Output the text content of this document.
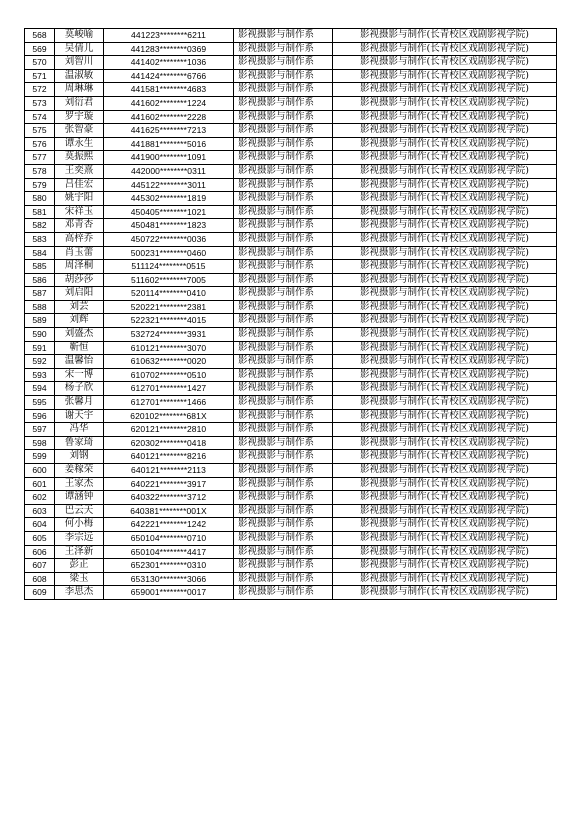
568	莫峻喻	441223********6211	影视摄影与制作系	影视摄影与制作(长青校区戏剧影视学院)
569	吴倩儿	441283********0369	影视摄影与制作系	影视摄影与制作(长青校区戏剧影视学院)
570	刘智川	441402********1036	影视摄影与制作系	影视摄影与制作(长青校区戏剧影视学院)
571	温淑敏	441424********6766	影视摄影与制作系	影视摄影与制作(长青校区戏剧影视学院)
572	周琳琳	441581********4683	影视摄影与制作系	影视摄影与制作(长青校区戏剧影视学院)
573	刘衍君	441602********1224	影视摄影与制作系	影视摄影与制作(长青校区戏剧影视学院)
574	罗宇璇	441602********2228	影视摄影与制作系	影视摄影与制作(长青校区戏剧影视学院)
575	张智豪	441625********7213	影视摄影与制作系	影视摄影与制作(长青校区戏剧影视学院)
576	谭永生	441881********5016	影视摄影与制作系	影视摄影与制作(长青校区戏剧影视学院)
577	莫振熙	441900********1091	影视摄影与制作系	影视摄影与制作(长青校区戏剧影视学院)
578	王奕熹	442000********0311	影视摄影与制作系	影视摄影与制作(长青校区戏剧影视学院)
579	吕佳宏	445122********3011	影视摄影与制作系	影视摄影与制作(长青校区戏剧影视学院)
580	姚宇阳	445302********1819	影视摄影与制作系	影视摄影与制作(长青校区戏剧影视学院)
581	宋祥玉	450405********1021	影视摄影与制作系	影视摄影与制作(长青校区戏剧影视学院)
582	邓青杏	450481********1823	影视摄影与制作系	影视摄影与制作(长青校区戏剧影视学院)
583	高梓乔	450722********0036	影视摄影与制作系	影视摄影与制作(长青校区戏剧影视学院)
584	肖玉蕾	500231********0460	影视摄影与制作系	影视摄影与制作(长青校区戏剧影视学院)
585	周泽桐	511124********0515	影视摄影与制作系	影视摄影与制作(长青校区戏剧影视学院)
586	胡莎莎	511602********7005	影视摄影与制作系	影视摄影与制作(长青校区戏剧影视学院)
587	刘启阳	520114********0410	影视摄影与制作系	影视摄影与制作(长青校区戏剧影视学院)
588	刘芸	520221********2381	影视摄影与制作系	影视摄影与制作(长青校区戏剧影视学院)
589	刘辉	522321********4015	影视摄影与制作系	影视摄影与制作(长青校区戏剧影视学院)
590	刘盛杰	532724********3931	影视摄影与制作系	影视摄影与制作(长青校区戏剧影视学院)
591	靳恒	610121********3070	影视摄影与制作系	影视摄影与制作(长青校区戏剧影视学院)
592	温馨怡	610632********0020	影视摄影与制作系	影视摄影与制作(长青校区戏剧影视学院)
593	宋一博	610702********0510	影视摄影与制作系	影视摄影与制作(长青校区戏剧影视学院)
594	杨子欣	612701********1427	影视摄影与制作系	影视摄影与制作(长青校区戏剧影视学院)
595	张馨月	612701********1466	影视摄影与制作系	影视摄影与制作(长青校区戏剧影视学院)
596	谢天宇	620102********681X	影视摄影与制作系	影视摄影与制作(长青校区戏剧影视学院)
597	冯华	620121********2810	影视摄影与制作系	影视摄影与制作(长青校区戏剧影视学院)
598	鲁家琦	620302********0418	影视摄影与制作系	影视摄影与制作(长青校区戏剧影视学院)
599	刘钢	640121********8216	影视摄影与制作系	影视摄影与制作(长青校区戏剧影视学院)
600	姜稼荣	640121********2113	影视摄影与制作系	影视摄影与制作(长青校区戏剧影视学院)
601	王家杰	640221********3917	影视摄影与制作系	影视摄影与制作(长青校区戏剧影视学院)
602	谭涵钟	640322********3712	影视摄影与制作系	影视摄影与制作(长青校区戏剧影视学院)
603	巴云天	640381********001X	影视摄影与制作系	影视摄影与制作(长青校区戏剧影视学院)
604	何小梅	642221********1242	影视摄影与制作系	影视摄影与制作(长青校区戏剧影视学院)
605	李宗远	650104********0710	影视摄影与制作系	影视摄影与制作(长青校区戏剧影视学院)
606	王泽新	650104********4417	影视摄影与制作系	影视摄影与制作(长青校区戏剧影视学院)
607	彭正	652301********0310	影视摄影与制作系	影视摄影与制作(长青校区戏剧影视学院)
608	梁玉	653130********3066	影视摄影与制作系	影视摄影与制作(长青校区戏剧影视学院)
609	李思杰	659001********0017	影视摄影与制作系	影视摄影与制作(长青校区戏剧影视学院)
